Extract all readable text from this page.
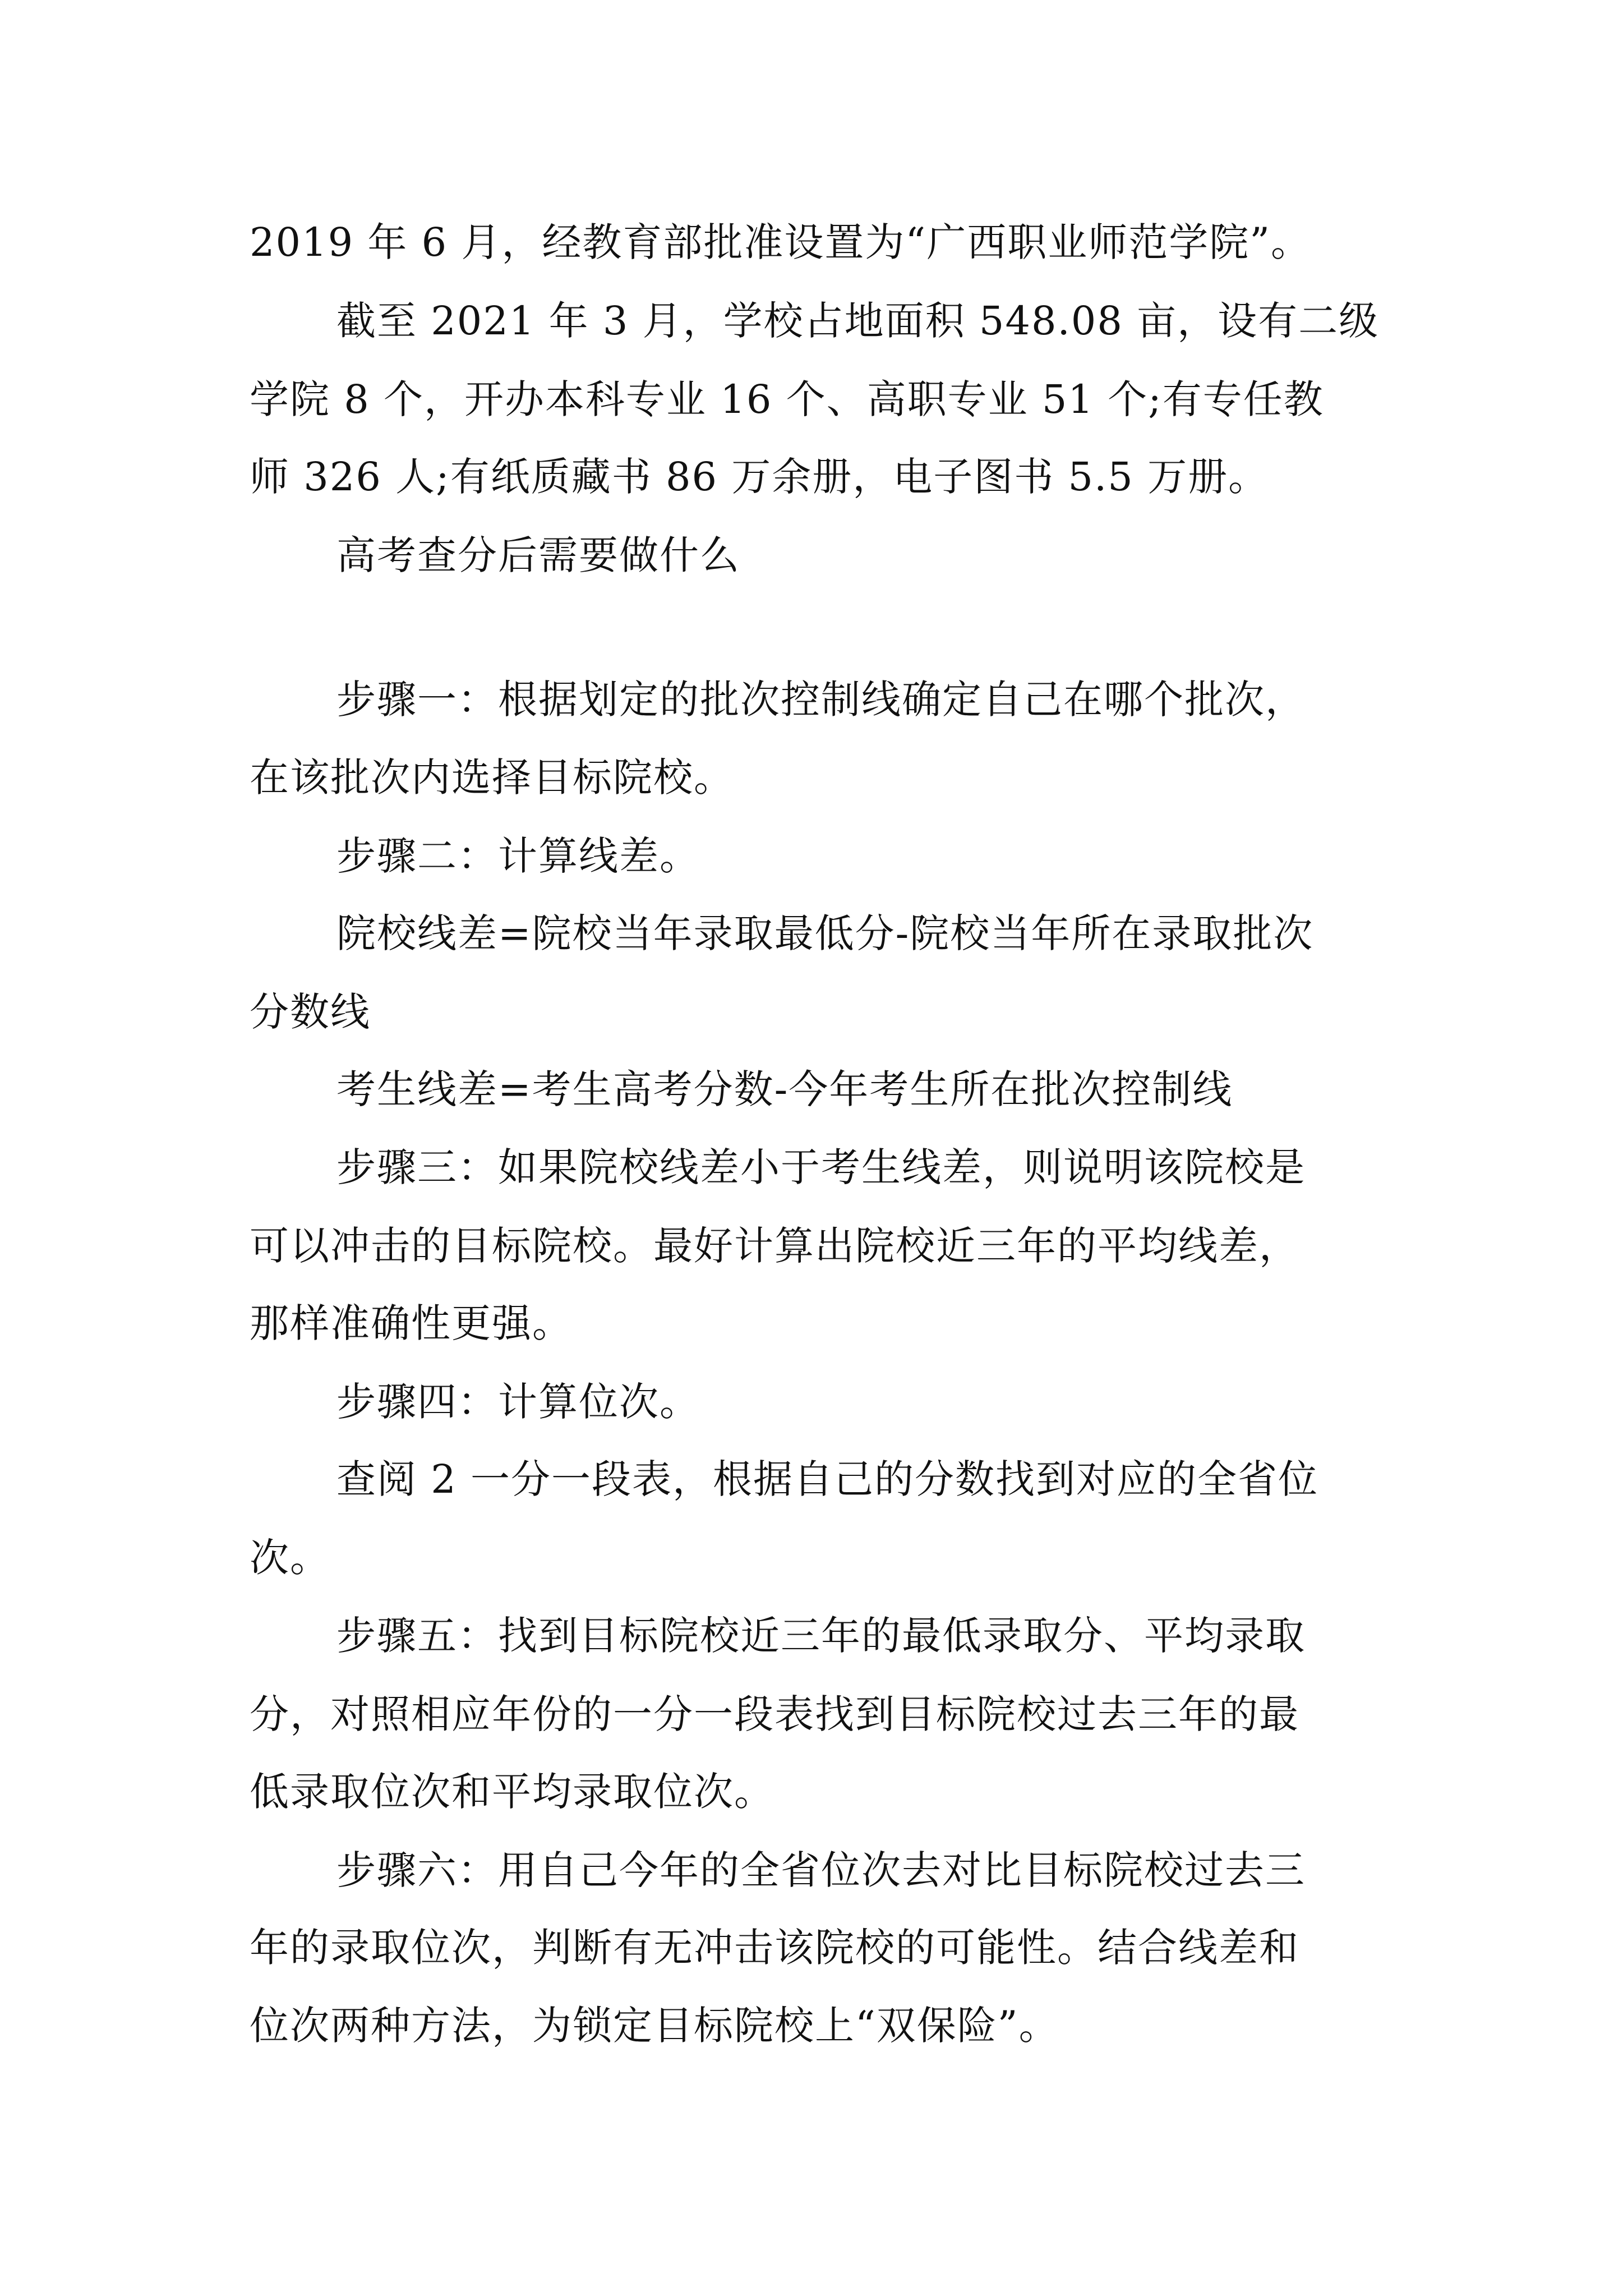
2019 年 6 月，经教育部批准设置为“广西职业师范学院”。
截至 2021 年 3 月，学校占地面积 548.08 亩，设有二级
学院 8 个，开办本科专业 16 个、高职专业 51 个;有专任教
师 326 人;有纸质藏书 86 万余册，电子图书 5.5 万册。
高考查分后需要做什么
步骤一：根据划定的批次控制线确定自己在哪个批次，
在该批次内选择目标院校。
步骤二：计算线差。
院校线差=院校当年录取最低分-院校当年所在录取批次
分数线
考生线差=考生高考分数-今年考生所在批次控制线
步骤三：如果院校线差小于考生线差，则说明该院校是
可以冲击的目标院校。最好计算出院校近三年的平均线差，
那样准确性更强。
步骤四：计算位次。
查阅 2 一分一段表，根据自己的分数找到对应的全省位
次。
步骤五：找到目标院校近三年的最低录取分、平均录取
分，对照相应年份的一分一段表找到目标院校过去三年的最
低录取位次和平均录取位次。
步骤六：用自己今年的全省位次去对比目标院校过去三
年的录取位次，判断有无冲击该院校的可能性。结合线差和
位次两种方法，为锁定目标院校上“双保险”。
